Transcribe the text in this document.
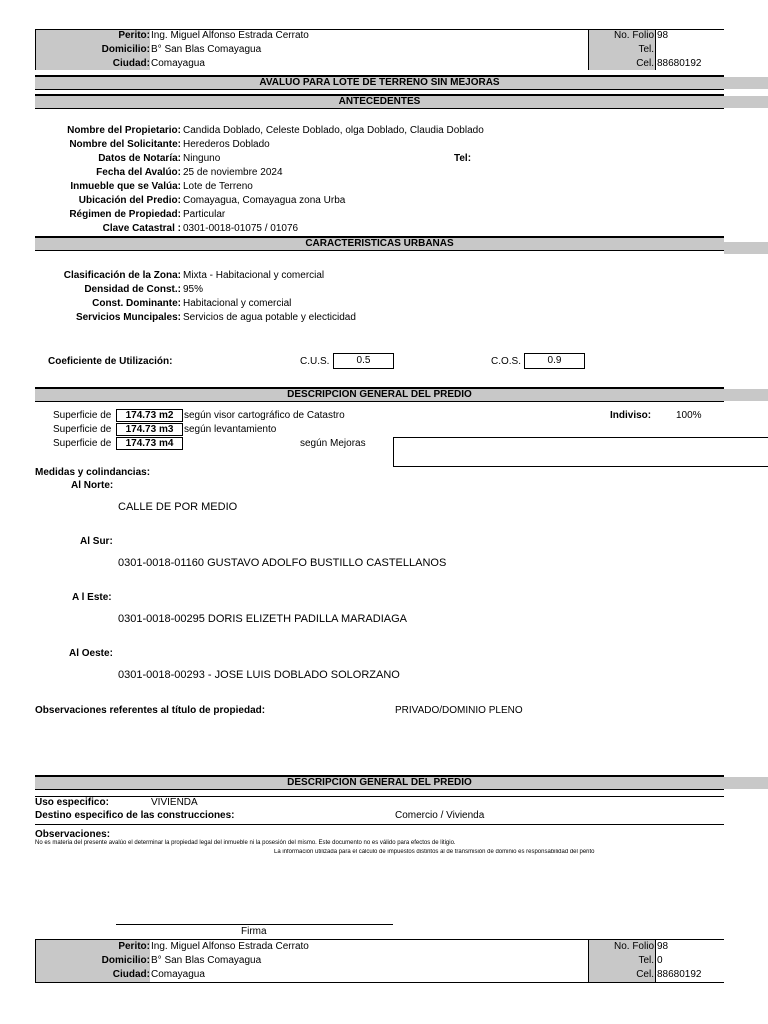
Perito: Ing. Miguel Alfonso Estrada Cerrato
Domicilio: B° San Blas Comayagua
Ciudad: Comayagua
No. Folio 98
Tel.
Cel. 88680192
AVALUO PARA LOTE DE TERRENO SIN MEJORAS
ANTECEDENTES
Nombre del Propietario: Candida Doblado, Celeste Doblado, olga Doblado, Claudia Doblado
Nombre del Solicitante: Herederos Doblado
Datos de Notaría: Ninguno	Tel:
Fecha del Avalúo: 25 de noviembre 2024
Inmueble que se Valúa: Lote de Terreno
Ubicación del Predio: Comayagua, Comayagua zona Urba
Régimen de Propiedad: Particular
Clave Catastral : 0301-0018-01075 / 01076
CARACTERISTICAS URBANAS
Clasificación de la Zona: Mixta - Habitacional y comercial
Densidad de Const.: 95%
Const. Dominante: Habitacional y comercial
Servicios Muncipales: Servicios de agua potable y electicidad
Coeficiente de Utilización:	C.U.S.	0.5	C.O.S.	0.9
DESCRIPCION GENERAL DEL PREDIO
Superficie de	174.73 m2	según visor cartográfico de Catastro
Superficie de	174.73 m3	según levantamiento
Superficie de	174.73 m4	según Mejoras
Indiviso: 100%
Medidas y colindancias:
Al Norte:
CALLE DE POR MEDIO
Al Sur:
0301-0018-01160 GUSTAVO ADOLFO BUSTILLO CASTELLANOS
A l Este:
0301-0018-00295 DORIS ELIZETH PADILLA MARADIAGA
Al Oeste:
0301-0018-00293 - JOSE LUIS DOBLADO SOLORZANO
Observaciones referentes al título de propiedad:	PRIVADO/DOMINIO PLENO
DESCRIPCION GENERAL DEL PREDIO
Uso especifico:	VIVIENDA
Destino especifico de las construcciones:	Comercio / Vivienda
Observaciones:
No es materia del presente avalúo el determinar la propiedad legal del inmueble ni la posesión del mismo. Este documento no es válido para efectos de litigio.
La información utilizada para el cálculo de impuestos distintos al de transmisión de dominio es responsabilidad del perito
Firma
Perito: Ing. Miguel Alfonso Estrada Cerrato
Domicilio: B° San Blas Comayagua
Ciudad: Comayagua
No. Folio 98
Tel. 0
Cel. 88680192
